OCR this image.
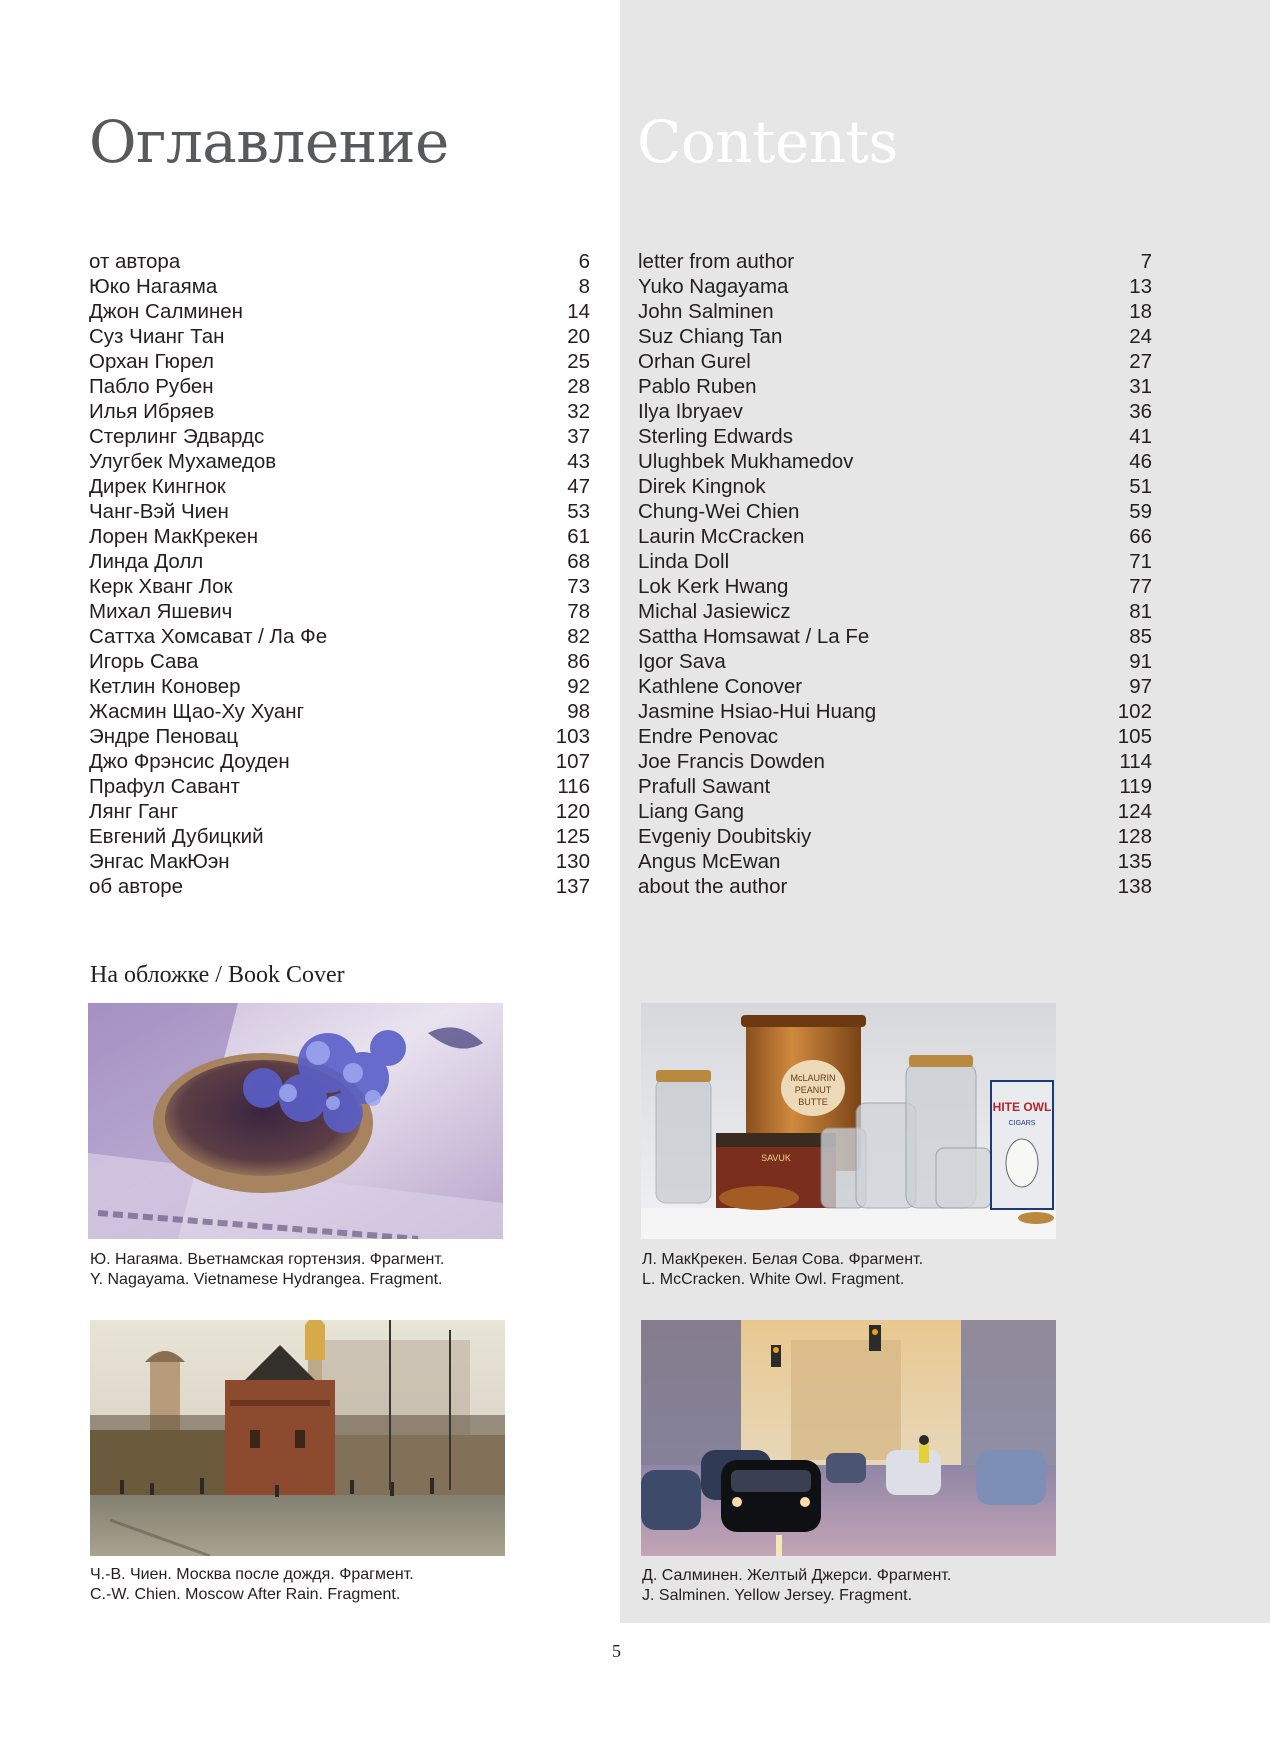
Оглавление	Contents
от автора	6
Юко Нагаяма	8
Джон Салминен	14
Суз Чианг Тан	20
Орхан Гюрел	25
Пабло Рубен	28
Илья Ибряев	32
Стерлинг Эдвардс	37
Улугбек Мухамедов	43
Дирек Кингнок	47
Чанг-Вэй Чиен	53
Лорен МакКрекен	61
Линда Долл	68
Керк Хванг Лок	73
Михал Яшевич	78
Саттха Хомсават / Ла Фе	82
Игорь Сава	86
Кетлин Коновер	92
Жасмин Щао-Ху Хуанг	98
Эндре Пеновац	103
Джо Фрэнсис Доуден	107
Прафул Савант	116
Лянг Ганг	120
Евгений Дубицкий	125
Энгас МакЮэн	130
об авторе	137
letter from author	7
Yuko Nagayama	13
John Salminen	18
Suz Chiang Tan	24
Orhan Gurel	27
Pablo Ruben	31
Ilya Ibryaev	36
Sterling Edwards	41
Ulughbek Mukhamedov	46
Direk Kingnok	51
Chung-Wei Chien	59
Laurin McCracken	66
Linda Doll	71
Lok Kerk Hwang	77
Michal Jasiewicz	81
Sattha Homsawat / La Fe	85
Igor Sava	91
Kathlene Conover	97
Jasmine Hsiao-Hui Huang	102
Endre Penovac	105
Joe Francis Dowden	114
Prafull Sawant	119
Liang Gang	124
Evgeniy Doubitskiy	128
Angus McEwan	135
about the author	138
На обложке / Book Cover
McLAURIN
PEANUT
BUTTE
SAVUK
HITE OWL
CIGARS
Ю. Нагаяма. Вьетнамская гортензия. Фрагмент.
Y. Nagayama. Vietnamese Hydrangea. Fragment.
Л. МакКрекен. Белая Сова. Фрагмент.
L. McCracken. White Owl. Fragment.
Ч.-В. Чиен. Москва после дождя. Фрагмент.
C.-W. Chien. Moscow After Rain. Fragment.
Д. Салминен. Желтый Джерси. Фрагмент.
J. Salminen. Yellow Jersey. Fragment.
5
